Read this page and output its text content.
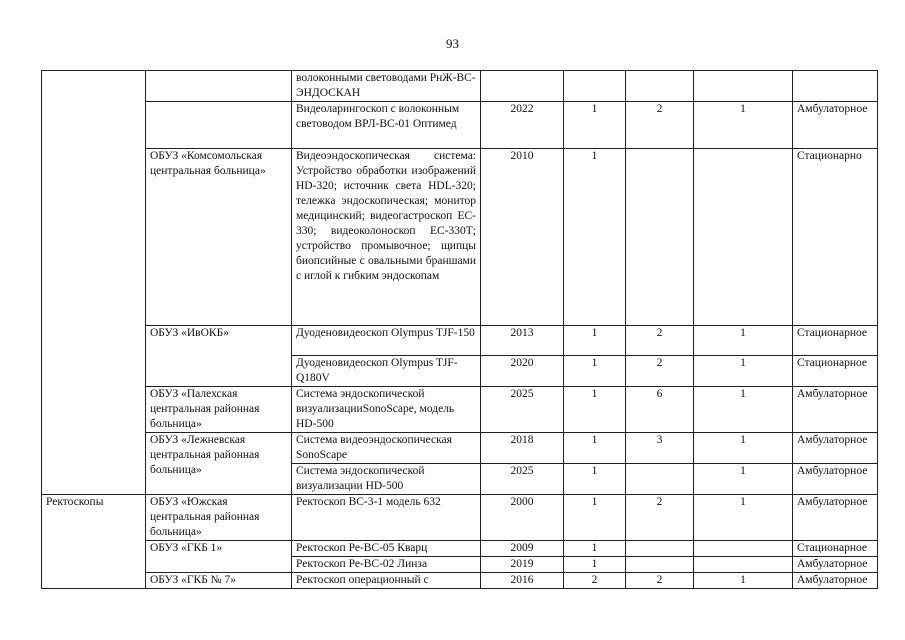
93
		волоконными световодами РнЖ-ВС-ЭНДОСКАН					
		Видеоларингоскоп с волоконным световодом ВРЛ-ВС-01 Оптимед	2022	1	2	1	Амбулаторное
	ОБУЗ «Комсомольская центральная больница»	Видеоэндоскопическая система: Устройство обработки изображений HD-320; источник света HDL-320; тележка эндоскопическая; монитор медицинский; видеогастроскоп EC-330; видеоколоноскоп ЕС-330Т; устройство промывочное; щипцы биопсийные с овальными браншами с иглой к гибким эндоскопам	2010	1			Стационарно
	ОБУЗ «ИвОКБ»	Дуоденовидеоскоп Olympus TJF-150	2013	1	2	1	Стационарное
		Дуоденовидеоскоп Olympus TJF-Q180V	2020	1	2	1	Стационарное
	ОБУЗ «Палехская центральная районная больница»	Система эндоскопической визуализацииSonoScape, модель HD-500	2025	1	6	1	Амбулаторное
	ОБУЗ «Лежневская центральная районная больница»	Система видеоэндоскопическая SonoScape	2018	1	3	1	Амбулаторное
		Система эндоскопической визуализации HD-500	2025	1		1	Амбулаторное
Ректоскопы	ОБУЗ «Южская центральная районная больница»	Ректоскоп ВС-3-1 модель 632	2000	1	2	1	Амбулаторное
	ОБУЗ «ГКБ 1»	Ректоскоп Ре-ВС-05 Кварц	2009	1			Стационарное
		Ректоскоп Ре-ВС-02 Линза	2019	1			Амбулаторное
	ОБУЗ «ГКБ № 7»	Ректоскоп операционный с	2016	2	2	1	Амбулаторное
